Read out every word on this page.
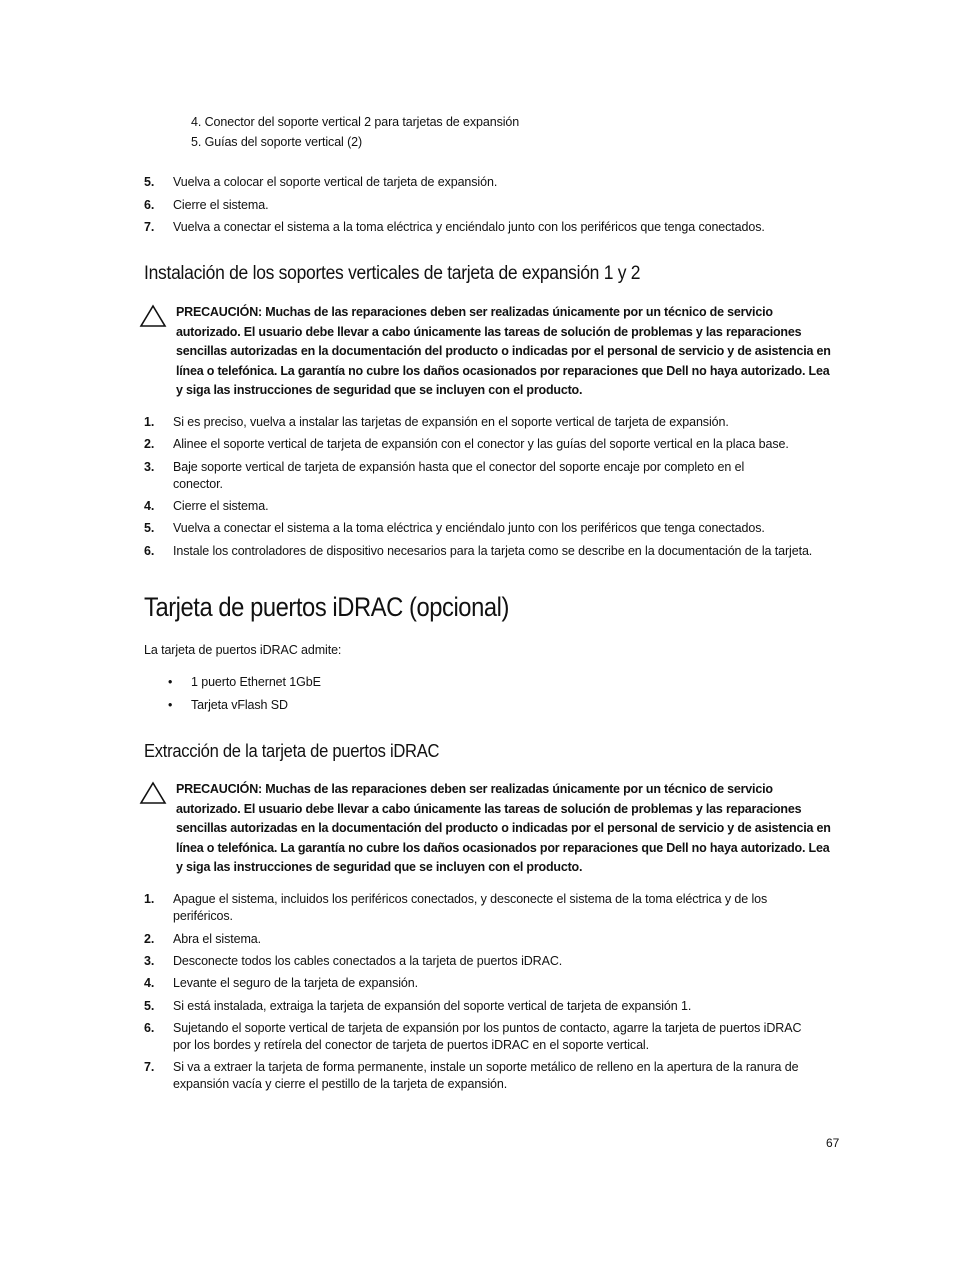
4. Conector del soporte vertical 2 para tarjetas de expansión
5. Guías del soporte vertical (2)
5. Vuelva a colocar el soporte vertical de tarjeta de expansión.
6. Cierre el sistema.
7. Vuelva a conectar el sistema a la toma eléctrica y enciéndalo junto con los periféricos que tenga conectados.
Instalación de los soportes verticales de tarjeta de expansión 1 y 2
PRECAUCIÓN: Muchas de las reparaciones deben ser realizadas únicamente por un técnico de servicio autorizado. El usuario debe llevar a cabo únicamente las tareas de solución de problemas y las reparaciones sencillas autorizadas en la documentación del producto o indicadas por el personal de servicio y de asistencia en línea o telefónica. La garantía no cubre los daños ocasionados por reparaciones que Dell no haya autorizado. Lea y siga las instrucciones de seguridad que se incluyen con el producto.
1. Si es preciso, vuelva a instalar las tarjetas de expansión en el soporte vertical de tarjeta de expansión.
2. Alinee el soporte vertical de tarjeta de expansión con el conector y las guías del soporte vertical en la placa base.
3. Baje soporte vertical de tarjeta de expansión hasta que el conector del soporte encaje por completo en el conector.
4. Cierre el sistema.
5. Vuelva a conectar el sistema a la toma eléctrica y enciéndalo junto con los periféricos que tenga conectados.
6. Instale los controladores de dispositivo necesarios para la tarjeta como se describe en la documentación de la tarjeta.
Tarjeta de puertos iDRAC (opcional)
La tarjeta de puertos iDRAC admite:
• 1 puerto Ethernet 1GbE
• Tarjeta vFlash SD
Extracción de la tarjeta de puertos iDRAC
PRECAUCIÓN: Muchas de las reparaciones deben ser realizadas únicamente por un técnico de servicio autorizado. El usuario debe llevar a cabo únicamente las tareas de solución de problemas y las reparaciones sencillas autorizadas en la documentación del producto o indicadas por el personal de servicio y de asistencia en línea o telefónica. La garantía no cubre los daños ocasionados por reparaciones que Dell no haya autorizado. Lea y siga las instrucciones de seguridad que se incluyen con el producto.
1. Apague el sistema, incluidos los periféricos conectados, y desconecte el sistema de la toma eléctrica y de los periféricos.
2. Abra el sistema.
3. Desconecte todos los cables conectados a la tarjeta de puertos iDRAC.
4. Levante el seguro de la tarjeta de expansión.
5. Si está instalada, extraiga la tarjeta de expansión del soporte vertical de tarjeta de expansión 1.
6. Sujetando el soporte vertical de tarjeta de expansión por los puntos de contacto, agarre la tarjeta de puertos iDRAC por los bordes y retírela del conector de tarjeta de puertos iDRAC en el soporte vertical.
7. Si va a extraer la tarjeta de forma permanente, instale un soporte metálico de relleno en la apertura de la ranura de expansión vacía y cierre el pestillo de la tarjeta de expansión.
67
